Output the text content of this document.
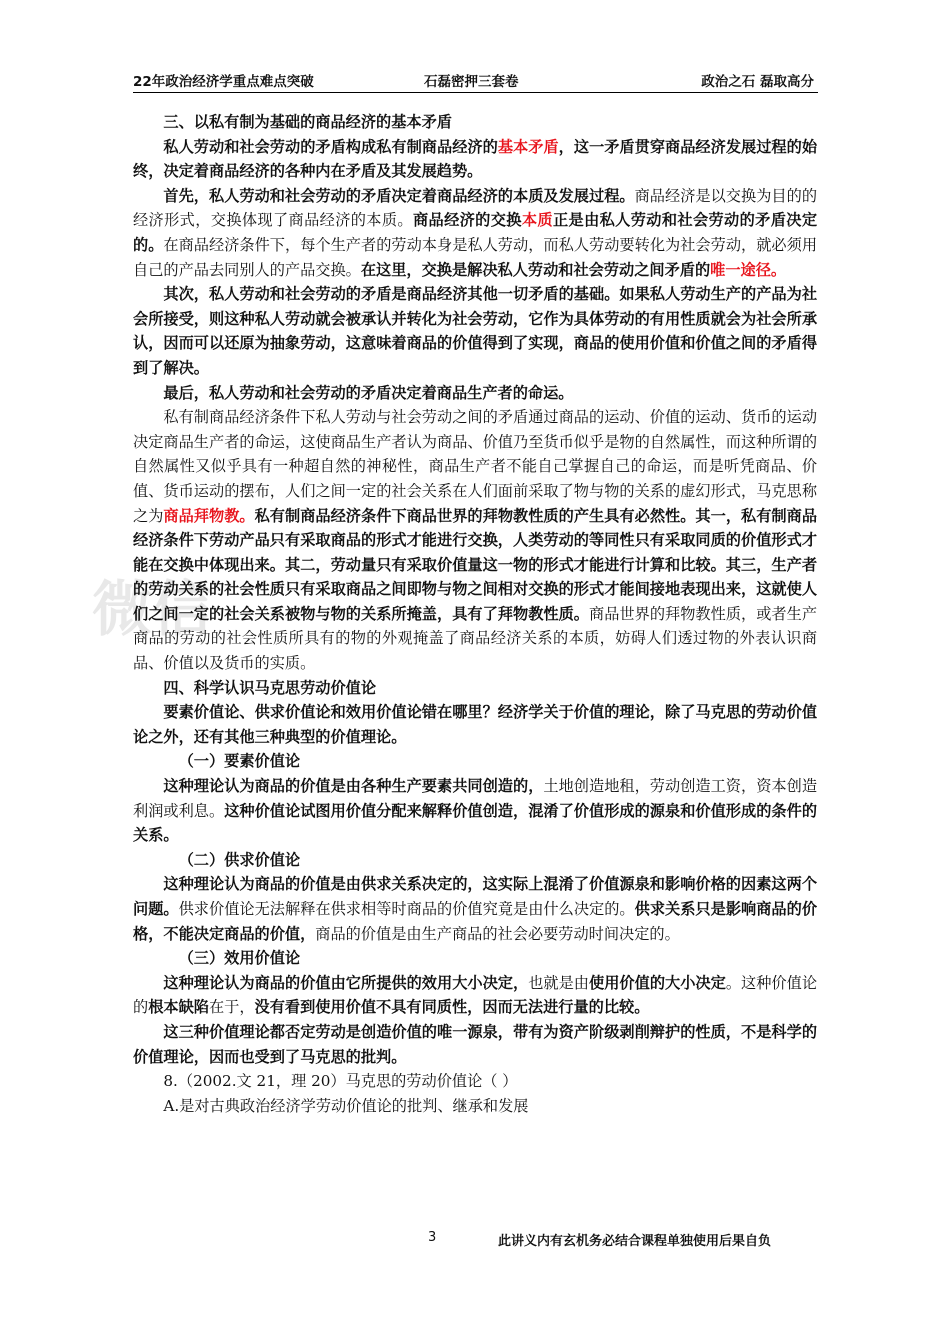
22年政治经济学重点难点突破	石磊密押三套卷	政治之石 磊取高分
微信

三、以私有制为基础的商品经济的基本矛盾

私人劳动和社会劳动的矛盾构成私有制商品经济的基本矛盾，这一矛盾贯穿商品经济发展过程的始终，决定着商品经济的各种内在矛盾及其发展趋势。

首先，私人劳动和社会劳动的矛盾决定着商品经济的本质及发展过程。商品经济是以交换为目的的经济形式，交换体现了商品经济的本质。商品经济的交换本质正是由私人劳动和社会劳动的矛盾决定的。在商品经济条件下，每个生产者的劳动本身是私人劳动，而私人劳动要转化为社会劳动，就必须用自己的产品去同别人的产品交换。在这里，交换是解决私人劳动和社会劳动之间矛盾的唯一途径。

其次，私人劳动和社会劳动的矛盾是商品经济其他一切矛盾的基础。如果私人劳动生产的产品为社会所接受，则这种私人劳动就会被承认并转化为社会劳动，它作为具体劳动的有用性质就会为社会所承认，因而可以还原为抽象劳动，这意味着商品的价值得到了实现，商品的使用价值和价值之间的矛盾得到了解决。

最后，私人劳动和社会劳动的矛盾决定着商品生产者的命运。

私有制商品经济条件下私人劳动与社会劳动之间的矛盾通过商品的运动、价值的运动、货币的运动决定商品生产者的命运，这使商品生产者认为商品、价值乃至货币似乎是物的自然属性，而这种所谓的自然属性又似乎具有一种超自然的神秘性，商品生产者不能自己掌握自己的命运，而是听凭商品、价值、货币运动的摆布，人们之间一定的社会关系在人们面前采取了物与物的关系的虚幻形式，马克思称之为商品拜物教。私有制商品经济条件下商品世界的拜物教性质的产生具有必然性。其一，私有制商品经济条件下劳动产品只有采取商品的形式才能进行交换，人类劳动的等同性只有采取同质的价值形式才能在交换中体现出来。其二，劳动量只有采取价值量这一物的形式才能进行计算和比较。其三，生产者的劳动关系的社会性质只有采取商品之间即物与物之间相对交换的形式才能间接地表现出来，这就使人们之间一定的社会关系被物与物的关系所掩盖，具有了拜物教性质。商品世界的拜物教性质，或者生产商品的劳动的社会性质所具有的物的外观掩盖了商品经济关系的本质，妨碍人们透过物的外表认识商品、价值以及货币的实质。

四、科学认识马克思劳动价值论

要素价值论、供求价值论和效用价值论错在哪里？经济学关于价值的理论，除了马克思的劳动价值论之外，还有其他三种典型的价值理论。

（一）要素价值论

这种理论认为商品的价值是由各种生产要素共同创造的，土地创造地租，劳动创造工资，资本创造利润或利息。这种价值论试图用价值分配来解释价值创造，混淆了价值形成的源泉和价值形成的条件的关系。

（二）供求价值论

这种理论认为商品的价值是由供求关系决定的，这实际上混淆了价值源泉和影响价格的因素这两个问题。供求价值论无法解释在供求相等时商品的价值究竟是由什么决定的。供求关系只是影响商品的价格，不能决定商品的价值，商品的价值是由生产商品的社会必要劳动时间决定的。

（三）效用价值论

这种理论认为商品的价值由它所提供的效用大小决定，也就是由使用价值的大小决定。这种价值论的根本缺陷在于，没有看到使用价值不具有同质性，因而无法进行量的比较。

这三种价值理论都否定劳动是创造价值的唯一源泉，带有为资产阶级剥削辩护的性质，不是科学的价值理论，因而也受到了马克思的批判。

8.（2002.文 21，理 20）马克思的劳动价值论（ ）

A.是对古典政治经济学劳动价值论的批判、继承和发展

3	此讲义内有玄机务必结合课程单独使用后果自负
